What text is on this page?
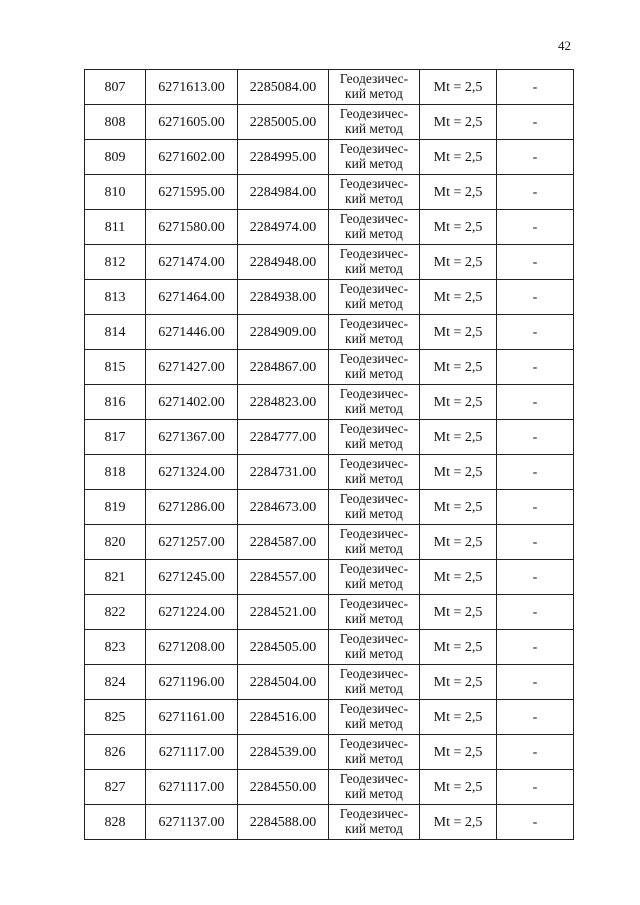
42
807	6271613.00	2285084.00	Геодезичес-
кий метод	Mt = 2,5	-
808	6271605.00	2285005.00	Геодезичес-
кий метод	Mt = 2,5	-
809	6271602.00	2284995.00	Геодезичес-
кий метод	Mt = 2,5	-
810	6271595.00	2284984.00	Геодезичес-
кий метод	Mt = 2,5	-
811	6271580.00	2284974.00	Геодезичес-
кий метод	Mt = 2,5	-
812	6271474.00	2284948.00	Геодезичес-
кий метод	Mt = 2,5	-
813	6271464.00	2284938.00	Геодезичес-
кий метод	Mt = 2,5	-
814	6271446.00	2284909.00	Геодезичес-
кий метод	Mt = 2,5	-
815	6271427.00	2284867.00	Геодезичес-
кий метод	Mt = 2,5	-
816	6271402.00	2284823.00	Геодезичес-
кий метод	Mt = 2,5	-
817	6271367.00	2284777.00	Геодезичес-
кий метод	Mt = 2,5	-
818	6271324.00	2284731.00	Геодезичес-
кий метод	Mt = 2,5	-
819	6271286.00	2284673.00	Геодезичес-
кий метод	Mt = 2,5	-
820	6271257.00	2284587.00	Геодезичес-
кий метод	Mt = 2,5	-
821	6271245.00	2284557.00	Геодезичес-
кий метод	Mt = 2,5	-
822	6271224.00	2284521.00	Геодезичес-
кий метод	Mt = 2,5	-
823	6271208.00	2284505.00	Геодезичес-
кий метод	Mt = 2,5	-
824	6271196.00	2284504.00	Геодезичес-
кий метод	Mt = 2,5	-
825	6271161.00	2284516.00	Геодезичес-
кий метод	Mt = 2,5	-
826	6271117.00	2284539.00	Геодезичес-
кий метод	Mt = 2,5	-
827	6271117.00	2284550.00	Геодезичес-
кий метод	Mt = 2,5	-
828	6271137.00	2284588.00	Геодезичес-
кий метод	Mt = 2,5	-
